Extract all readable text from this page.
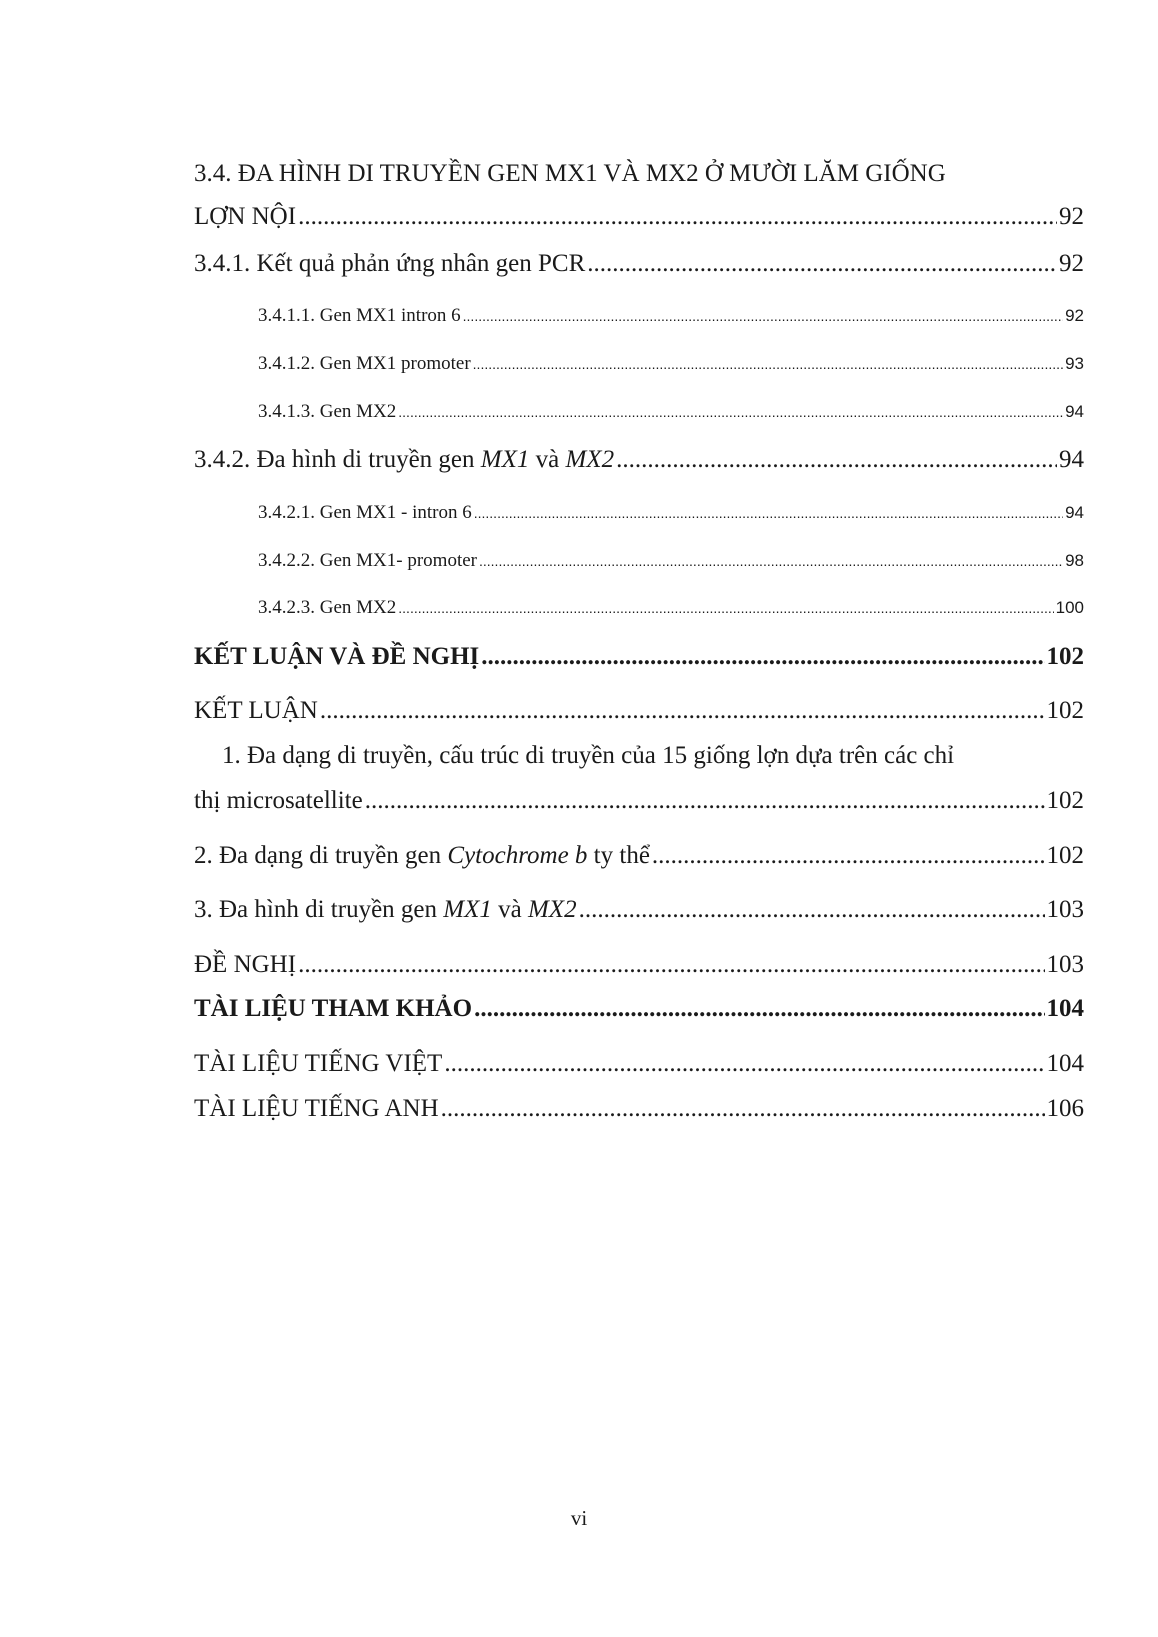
3.4. ĐA HÌNH DI TRUYỀN GEN MX1 VÀ MX2 Ở MƯỜI LĂM GIỐNG
LỢN NỘI .....	92
3.4.1. Kết quả phản ứng nhân gen PCR .....	92
3.4.1.1. Gen MX1 intron 6 .....	92
3.4.1.2. Gen MX1 promoter .....	93
3.4.1.3. Gen MX2 .....	94
3.4.2. Đa hình di truyền gen MX1 và MX2 .....	94
3.4.2.1. Gen MX1 - intron 6 .....	94
3.4.2.2. Gen MX1- promoter .....	98
3.4.2.3. Gen MX2 .....	100
KẾT LUẬN VÀ ĐỀ NGHỊ .....	102
KẾT LUẬN .....	102
1. Đa dạng di truyền, cấu trúc di truyền của 15 giống lợn dựa trên các chỉ
thị microsatellite .....	102
2. Đa dạng di truyền gen Cytochrome b ty thể .....	102
3. Đa hình di truyền gen MX1 và MX2 .....	103
ĐỀ NGHỊ .....	103
TÀI LIỆU THAM KHẢO .....	104
TÀI LIỆU TIẾNG VIỆT .....	104
TÀI LIỆU TIẾNG ANH .....	106
vi
